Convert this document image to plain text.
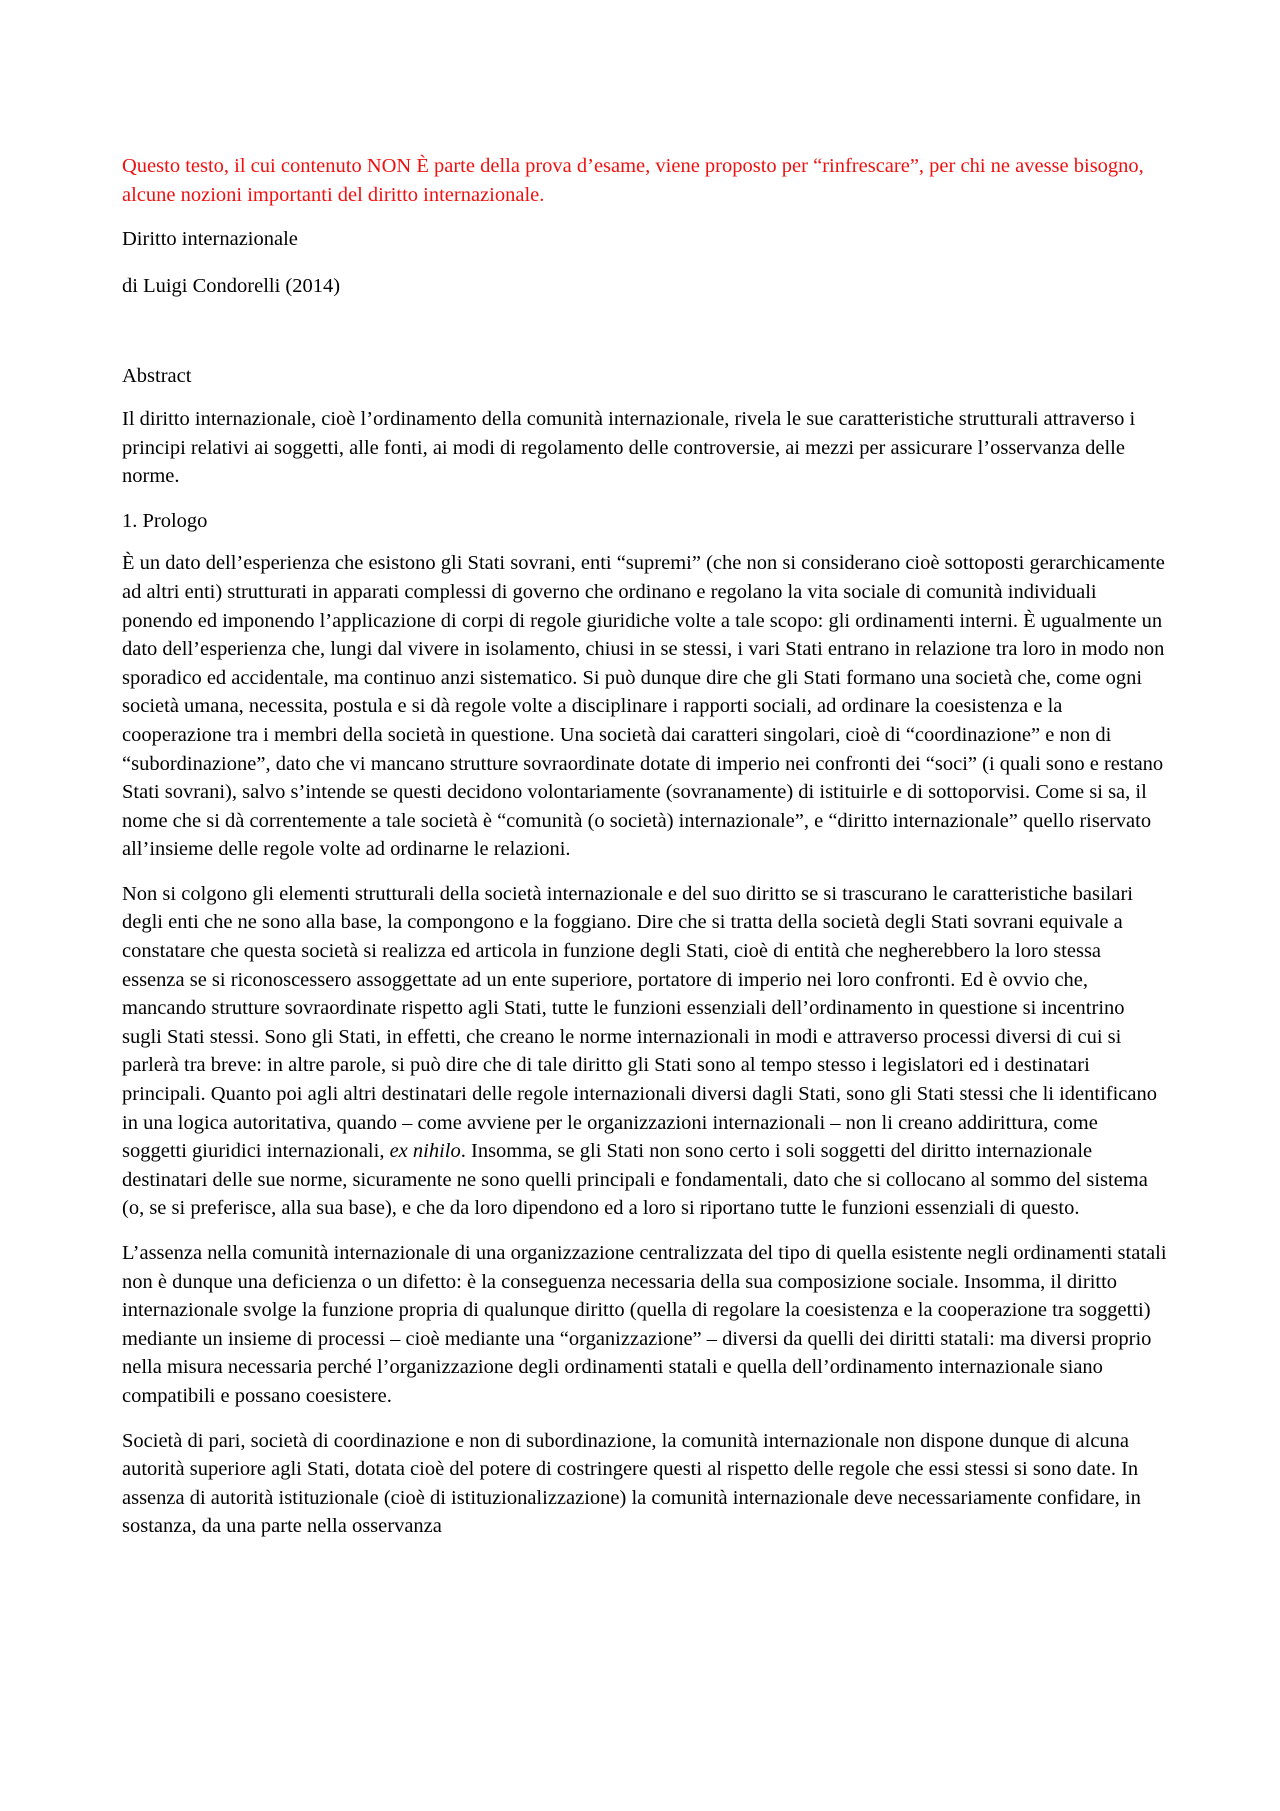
Questo testo, il cui contenuto NON È parte della prova d’esame, viene proposto per “rinfrescare”, per chi ne avesse bisogno, alcune nozioni importanti del diritto internazionale.

Diritto internazionale

di Luigi Condorelli (2014)

Abstract

Il diritto internazionale, cioè l’ordinamento della comunità internazionale, rivela le sue caratteristiche strutturali attraverso i principi relativi ai soggetti, alle fonti, ai modi di regolamento delle controversie, ai mezzi per assicurare l’osservanza delle norme.

1. Prologo

È un dato dell’esperienza che esistono gli Stati sovrani, enti “supremi” (che non si considerano cioè sottoposti gerarchicamente ad altri enti) strutturati in apparati complessi di governo che ordinano e regolano la vita sociale di comunità individuali ponendo ed imponendo l’applicazione di corpi di regole giuridiche volte a tale scopo: gli ordinamenti interni. È ugualmente un dato dell’esperienza che, lungi dal vivere in isolamento, chiusi in se stessi, i vari Stati entrano in relazione tra loro in modo non sporadico ed accidentale, ma continuo anzi sistematico. Si può dunque dire che gli Stati formano una società che, come ogni società umana, necessita, postula e si dà regole volte a disciplinare i rapporti sociali, ad ordinare la coesistenza e la cooperazione tra i membri della società in questione. Una società dai caratteri singolari, cioè di “coordinazione” e non di “subordinazione”, dato che vi mancano strutture sovraordinate dotate di imperio nei confronti dei “soci” (i quali sono e restano Stati sovrani), salvo s’intende se questi decidono volontariamente (sovranamente) di istituirle e di sottoporvisi. Come si sa, il nome che si dà correntemente a tale società è “comunità (o società) internazionale”, e “diritto internazionale” quello riservato all’insieme delle regole volte ad ordinarne le relazioni.

Non si colgono gli elementi strutturali della società internazionale e del suo diritto se si trascurano le caratteristiche basilari degli enti che ne sono alla base, la compongono e la foggiano. Dire che si tratta della società degli Stati sovrani equivale a constatare che questa società si realizza ed articola in funzione degli Stati, cioè di entità che negherebbero la loro stessa essenza se si riconoscessero assoggettate ad un ente superiore, portatore di imperio nei loro confronti. Ed è ovvio che, mancando strutture sovraordinate rispetto agli Stati, tutte le funzioni essenziali dell’ordinamento in questione si incentrino sugli Stati stessi. Sono gli Stati, in effetti, che creano le norme internazionali in modi e attraverso processi diversi di cui si parlerà tra breve: in altre parole, si può dire che di tale diritto gli Stati sono al tempo stesso i legislatori ed i destinatari principali. Quanto poi agli altri destinatari delle regole internazionali diversi dagli Stati, sono gli Stati stessi che li identificano in una logica autoritativa, quando – come avviene per le organizzazioni internazionali – non li creano addirittura, come soggetti giuridici internazionali, ex nihilo. Insomma, se gli Stati non sono certo i soli soggetti del diritto internazionale destinatari delle sue norme, sicuramente ne sono quelli principali e fondamentali, dato che si collocano al sommo del sistema (o, se si preferisce, alla sua base), e che da loro dipendono ed a loro si riportano tutte le funzioni essenziali di questo.

L’assenza nella comunità internazionale di una organizzazione centralizzata del tipo di quella esistente negli ordinamenti statali non è dunque una deficienza o un difetto: è la conseguenza necessaria della sua composizione sociale. Insomma, il diritto internazionale svolge la funzione propria di qualunque diritto (quella di regolare la coesistenza e la cooperazione tra soggetti) mediante un insieme di processi – cioè mediante una “organizzazione” – diversi da quelli dei diritti statali: ma diversi proprio nella misura necessaria perché l’organizzazione degli ordinamenti statali e quella dell’ordinamento internazionale siano compatibili e possano coesistere.

Società di pari, società di coordinazione e non di subordinazione, la comunità internazionale non dispone dunque di alcuna autorità superiore agli Stati, dotata cioè del potere di costringere questi al rispetto delle regole che essi stessi si sono date. In assenza di autorità istituzionale (cioè di istituzionalizzazione) la comunità internazionale deve necessariamente confidare, in sostanza, da una parte nella osservanza
